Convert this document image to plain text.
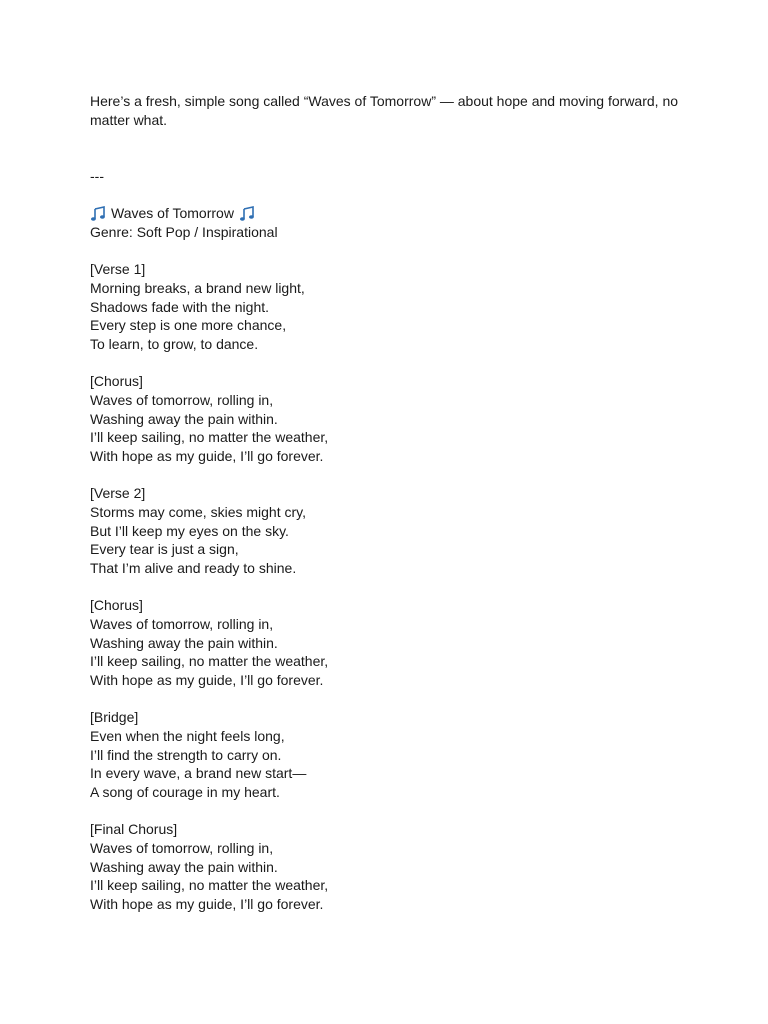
Here’s a fresh, simple song called “Waves of Tomorrow” — about hope and moving forward, no matter what.

---
Waves of Tomorrow
Genre: Soft Pop / Inspirational
[Verse 1]
Morning breaks, a brand new light,
Shadows fade with the night.
Every step is one more chance,
To learn, to grow, to dance.
[Chorus]
Waves of tomorrow, rolling in,
Washing away the pain within.
I’ll keep sailing, no matter the weather,
With hope as my guide, I’ll go forever.
[Verse 2]
Storms may come, skies might cry,
But I’ll keep my eyes on the sky.
Every tear is just a sign,
That I’m alive and ready to shine.
[Chorus]
Waves of tomorrow, rolling in,
Washing away the pain within.
I’ll keep sailing, no matter the weather,
With hope as my guide, I’ll go forever.
[Bridge]
Even when the night feels long,
I’ll find the strength to carry on.
In every wave, a brand new start—
A song of courage in my heart.
[Final Chorus]
Waves of tomorrow, rolling in,
Washing away the pain within.
I’ll keep sailing, no matter the weather,
With hope as my guide, I’ll go forever.
